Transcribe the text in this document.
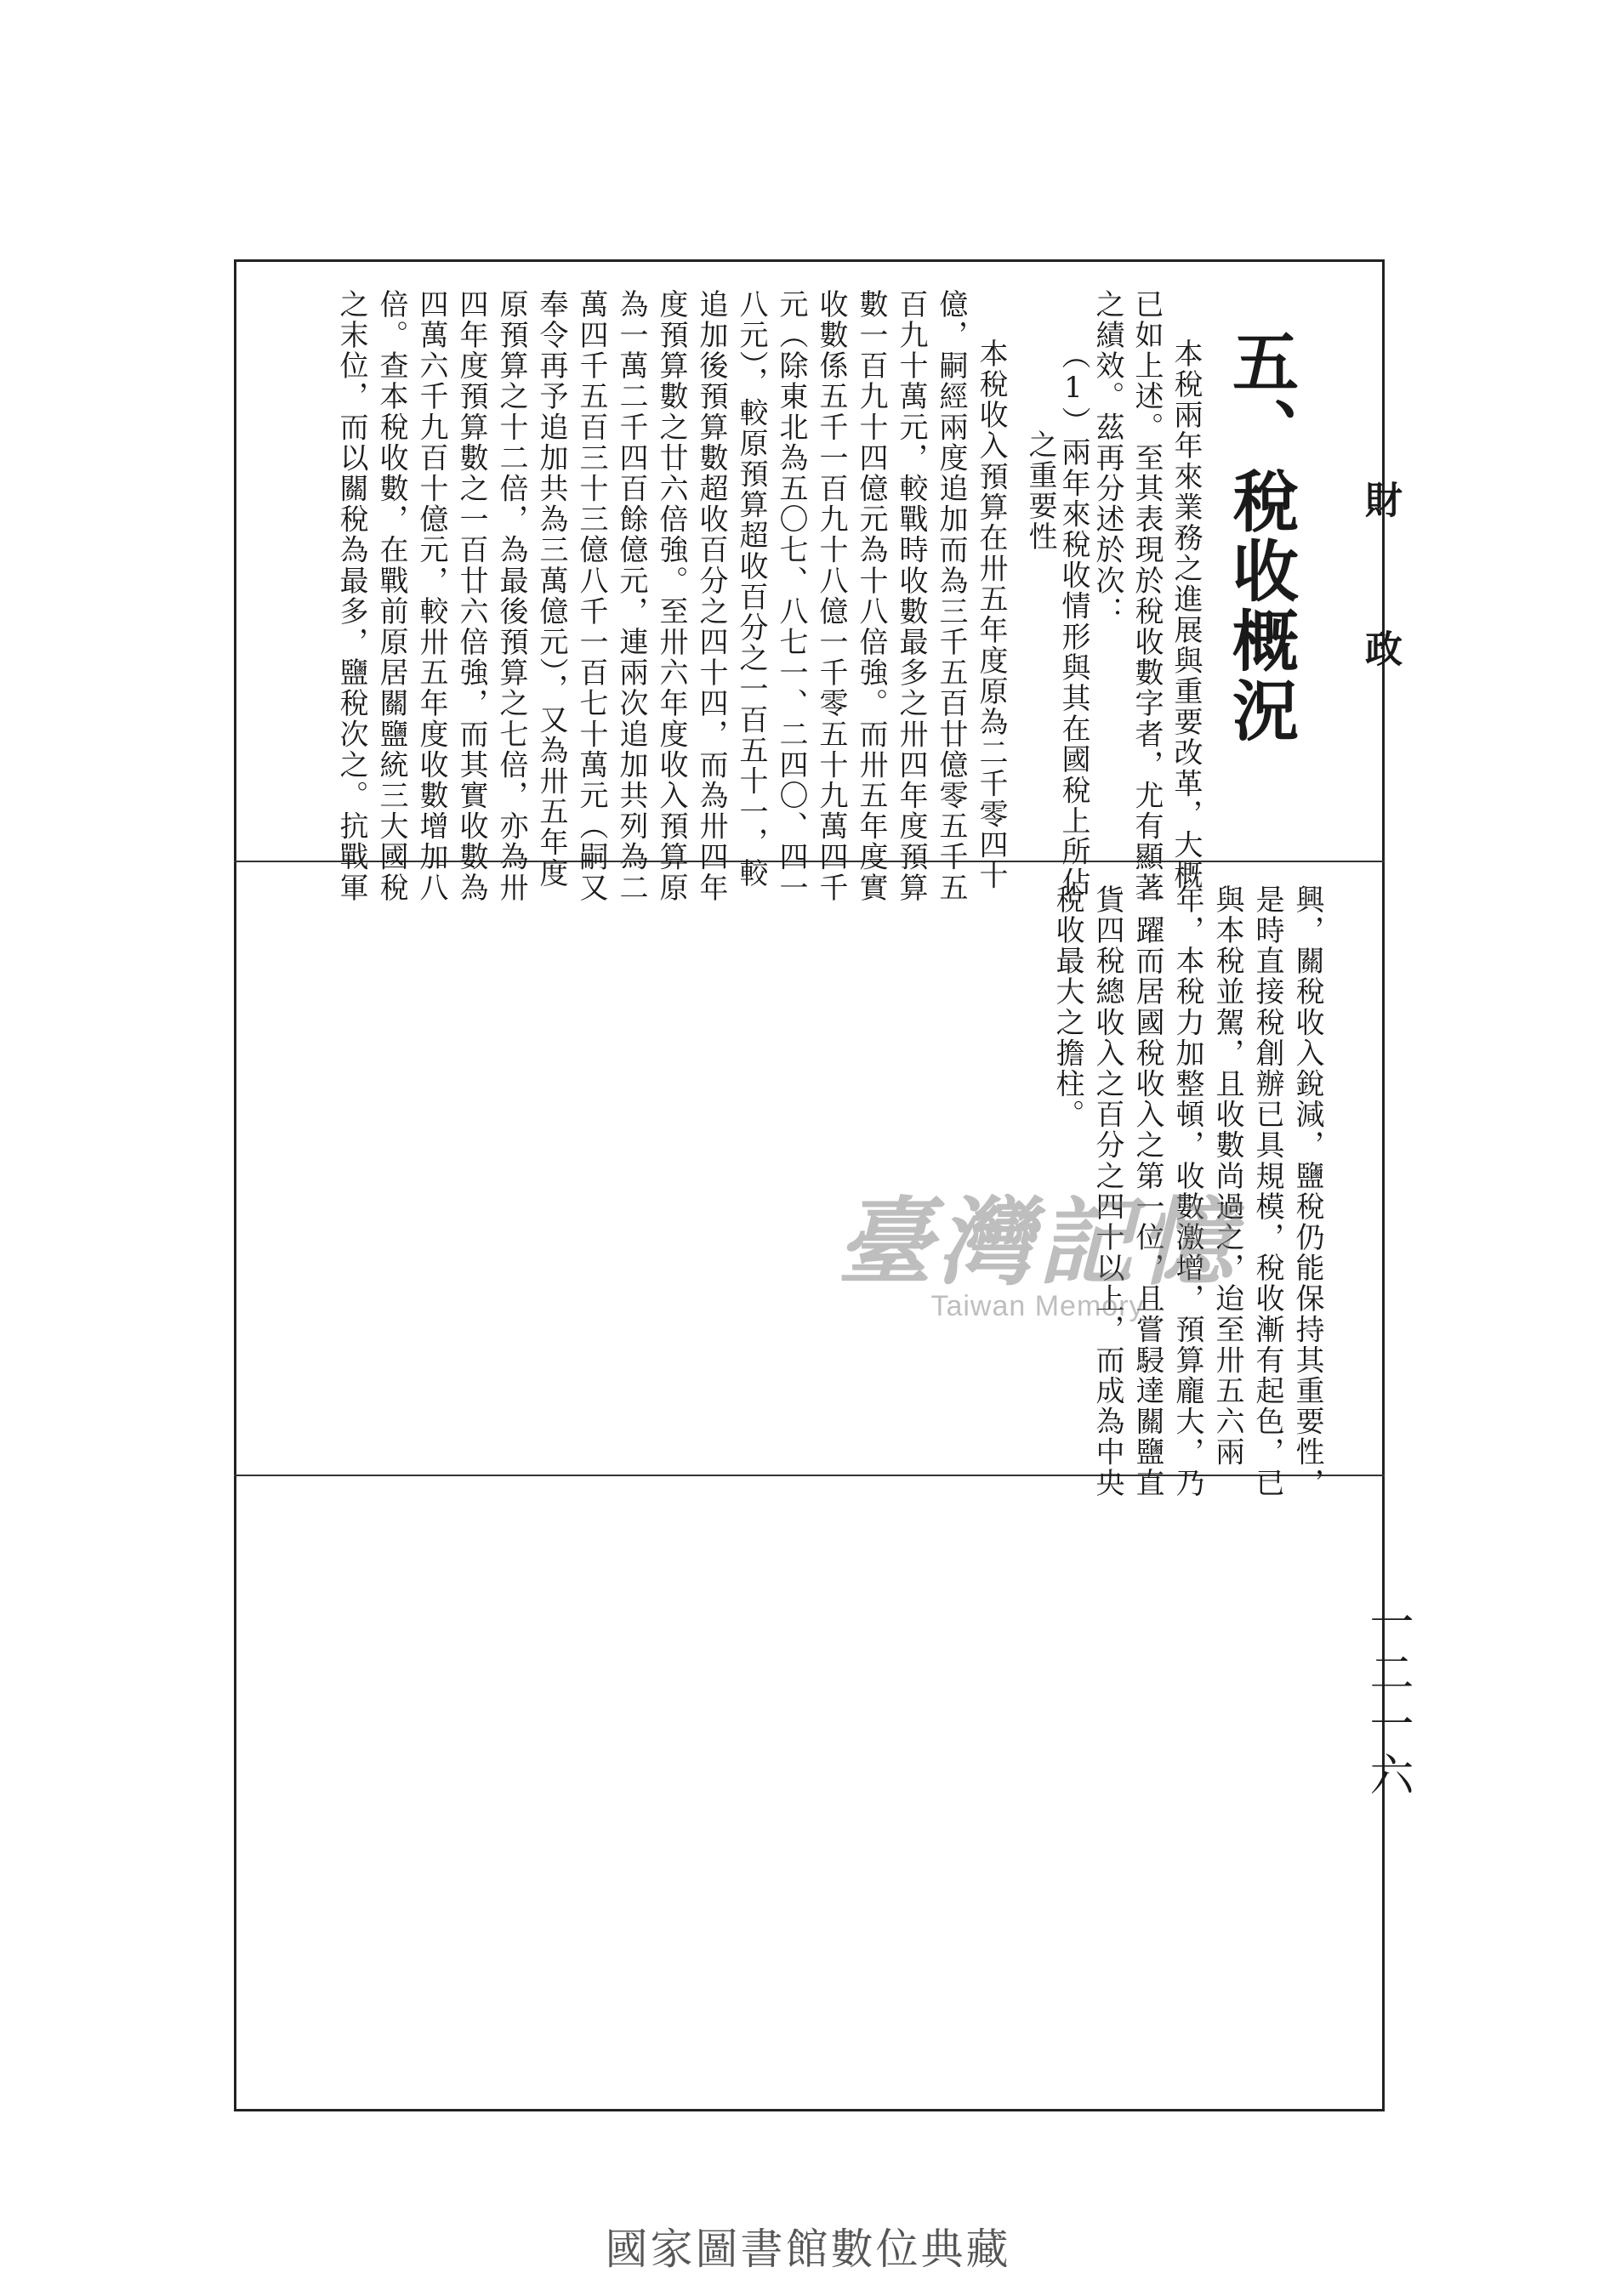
財
政
一二一六
五、稅收概況
本稅兩年來業務之進展與重要改革，大概
已如上述。至其表現於稅收數字者，尤有顯著
之績效。茲再分述於次：
（1）兩年來稅收情形與其在國稅上所佔
之重要性
本稅收入預算在卅五年度原為二千零四十
億，嗣經兩度追加而為三千五百廿億零五千五
百九十萬元，較戰時收數最多之卅四年度預算
數一百九十四億元為十八倍強。而卅五年度實
收數係五千一百九十八億一千零五十九萬四千
元（除東北為五〇七、八七一、二四〇、四一
八元），較原預算超收百分之一百五十一，較
追加後預算數超收百分之四十四，而為卅四年
度預算數之廿六倍強。至卅六年度收入預算原
為一萬二千四百餘億元，連兩次追加共列為二
萬四千五百三十三億八千一百七十萬元（嗣又
奉令再予追加共為三萬億元），又為卅五年度
原預算之十二倍，為最後預算之七倍，亦為卅
四年度預算數之一百廿六倍強，而其實收數為
四萬六千九百十億元，較卅五年度收數增加八
倍。查本稅收數，在戰前原居關鹽統三大國稅
之末位，而以關稅為最多，鹽稅次之。抗戰軍
興，關稅收入銳減，鹽稅仍能保持其重要性，
是時直接稅創辦已具規模，稅收漸有起色，已
與本稅並駕，且收數尚過之，迨至卅五六兩
年，本稅力加整頓，收數激增，預算龐大，乃
一躍而居國稅收入之第一位，且嘗駸達關鹽直
貨四稅總收入之百分之四十以上，而成為中央
稅收最大之擔柱。
臺灣記憶
Taiwan Memory
國家圖書館數位典藏
